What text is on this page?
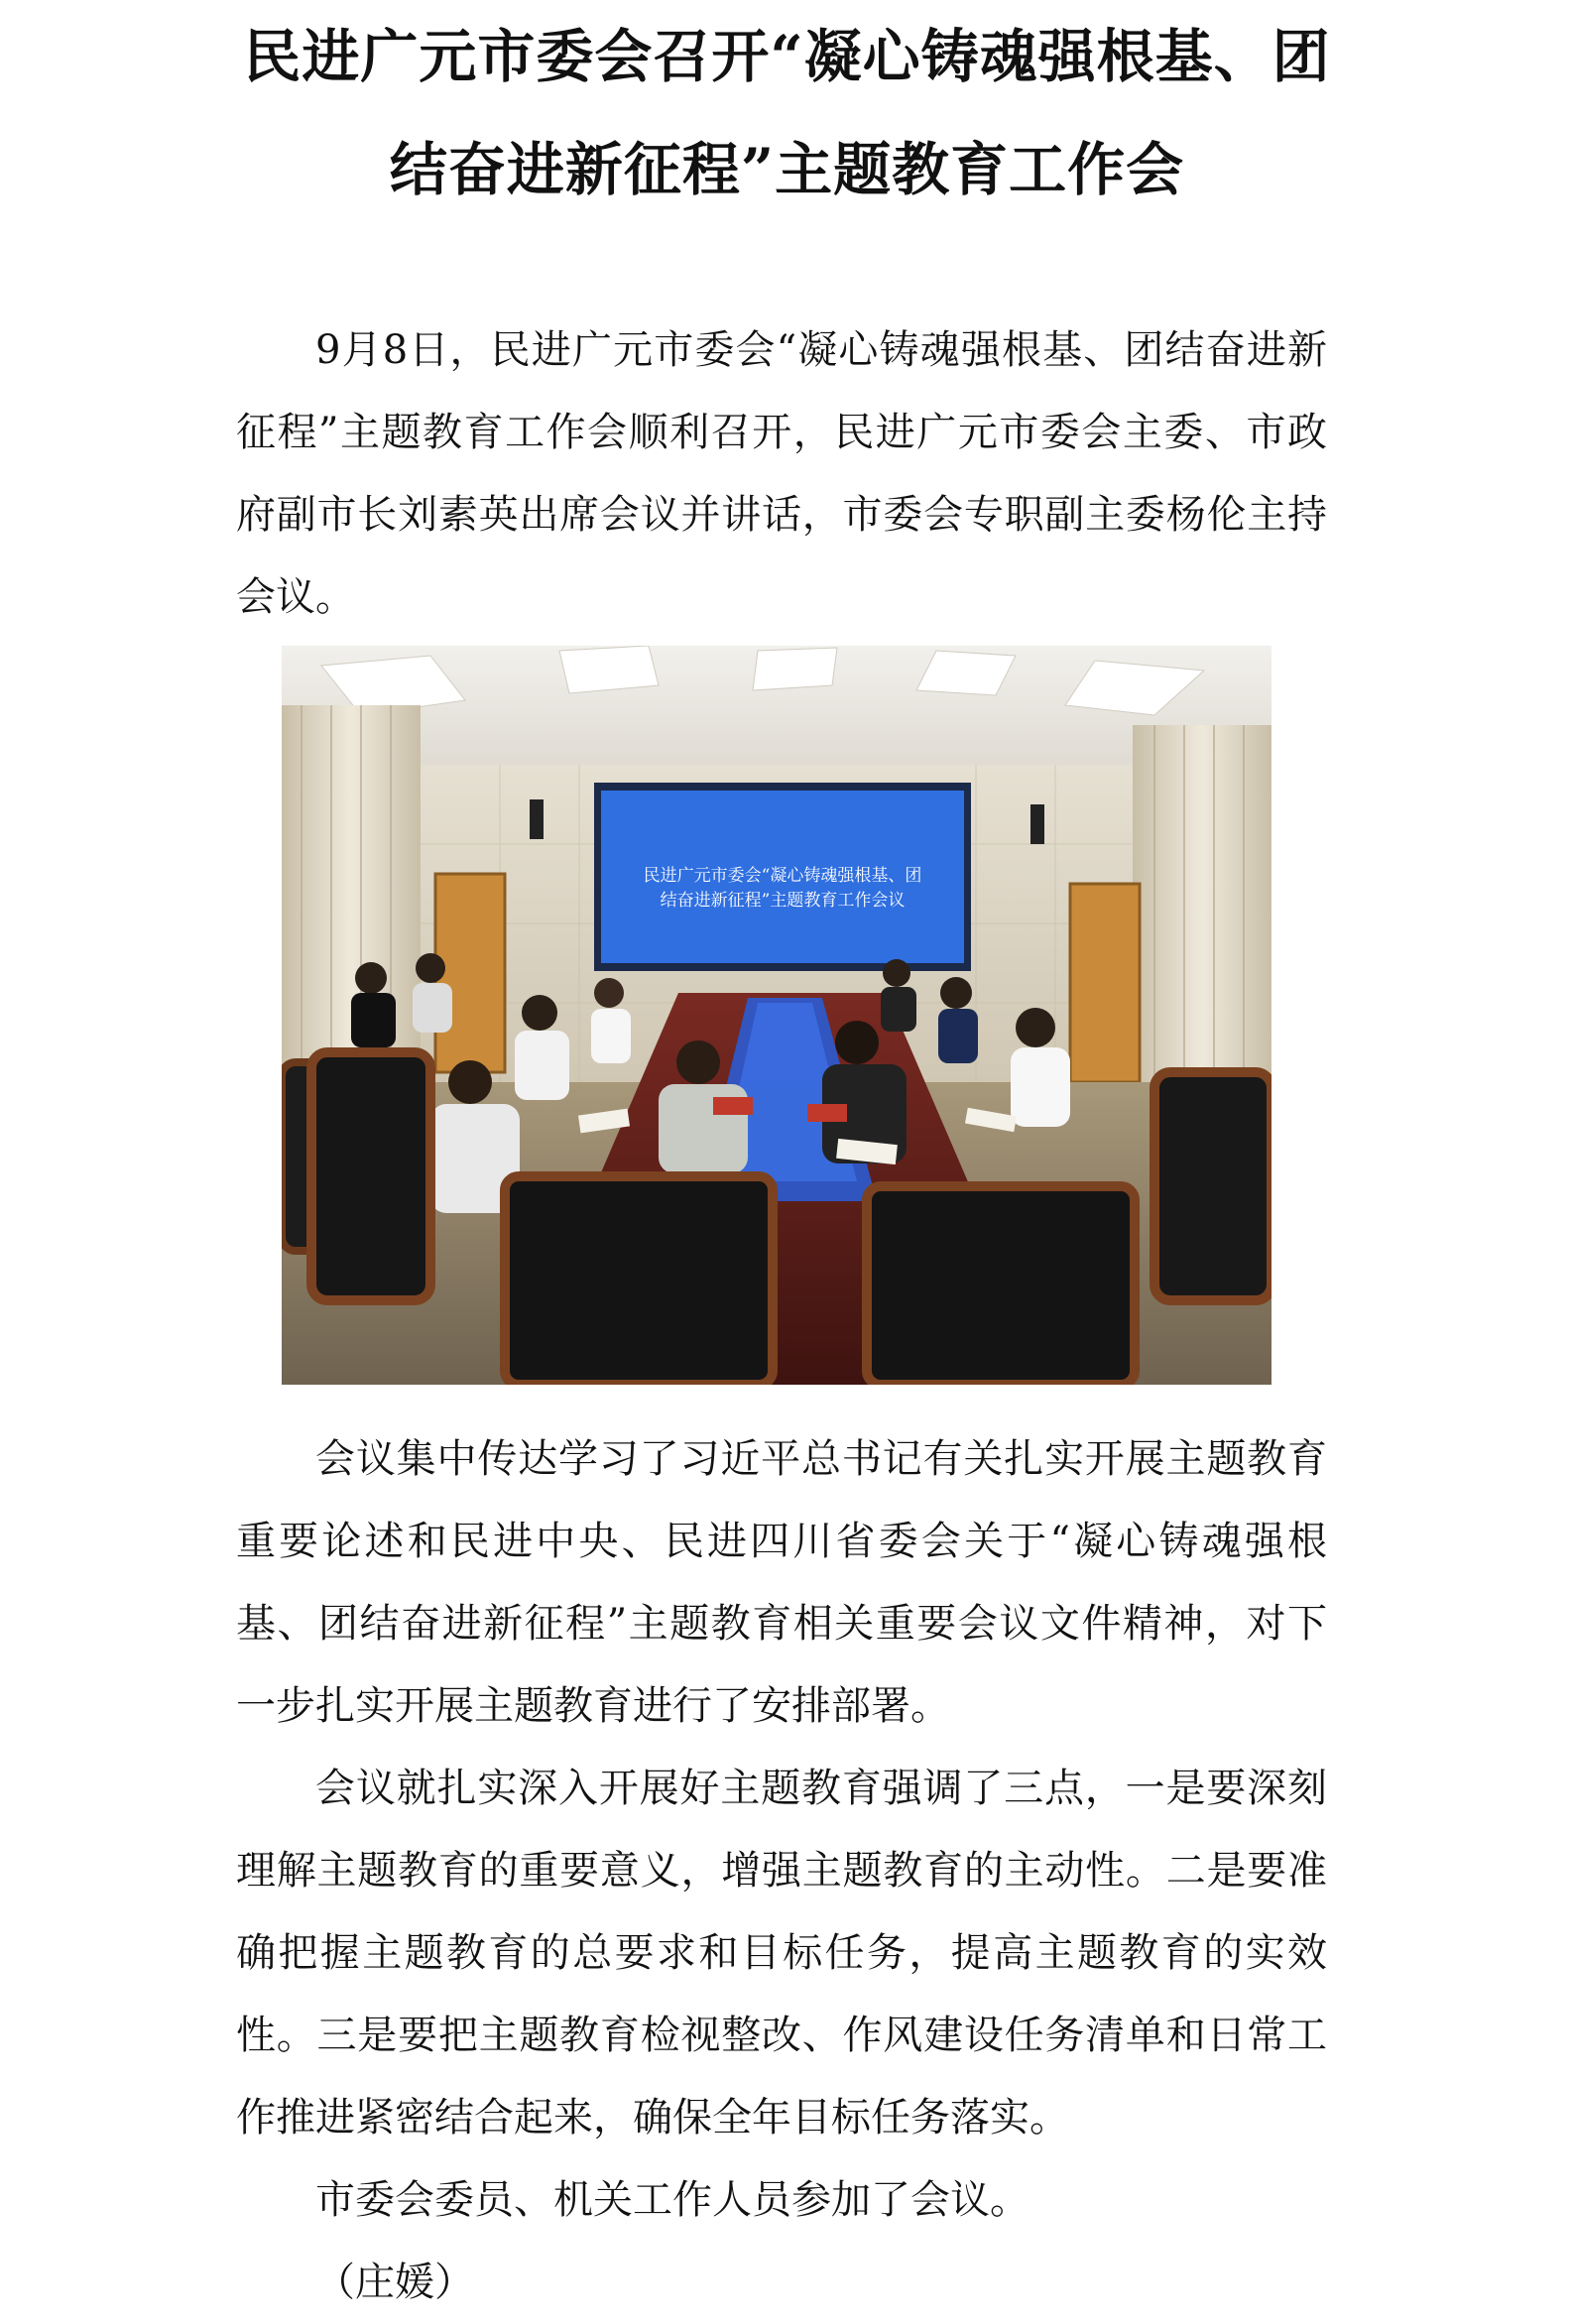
民进广元市委会召开“凝心铸魂强根基、团
结奋进新征程”主题教育工作会

9月8日，民进广元市委会“凝心铸魂强根基、团结奋进新征程”主题教育工作会顺利召开，民进广元市委会主委、市政府副市长刘素英出席会议并讲话，市委会专职副主委杨伦主持会议。

民进广元市委会“凝心铸魂强根基、团
结奋进新征程”主题教育工作会议

会议集中传达学习了习近平总书记有关扎实开展主题教育重要论述和民进中央、民进四川省委会关于“凝心铸魂强根基、团结奋进新征程”主题教育相关重要会议文件精神，对下一步扎实开展主题教育进行了安排部署。

会议就扎实深入开展好主题教育强调了三点，一是要深刻理解主题教育的重要意义，增强主题教育的主动性。二是要准确把握主题教育的总要求和目标任务，提高主题教育的实效性。三是要把主题教育检视整改、作风建设任务清单和日常工作推进紧密结合起来，确保全年目标任务落实。

市委会委员、机关工作人员参加了会议。

（庄媛）
